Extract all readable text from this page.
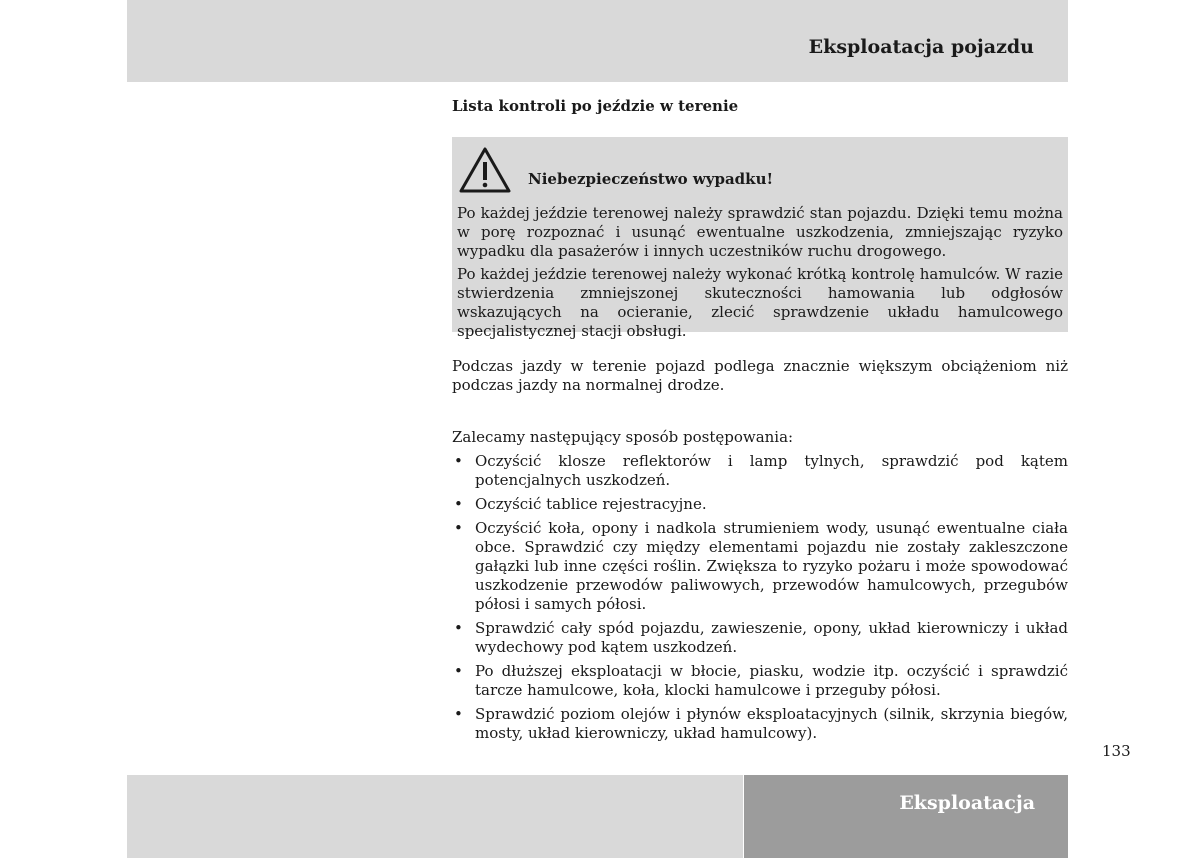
Eksploatacja pojazdu
Lista kontroli po jeździe w terenie
Niebezpieczeństwo wypadku!

Po każdej jeździe terenowej należy sprawdzić stan pojazdu. Dzięki temu można w porę rozpoznać i usunąć ewentualne uszkodzenia, zmniejszając ryzyko wypadku dla pasażerów i innych uczestników ruchu drogowego.

Po każdej jeździe terenowej należy wykonać krótką kontrolę hamulców. W razie stwierdzenia zmniejszonej skuteczności hamowania lub odgłosów wskazujących na ocieranie, zlecić sprawdzenie układu hamulcowego specjalistycznej stacji obsługi.

Podczas jazdy w terenie pojazd podlega znacznie większym obciążeniom niż podczas jazdy na normalnej drodze.

Zalecamy następujący sposób postępowania:

• Oczyścić klosze reflektorów i lamp tylnych, sprawdzić pod kątem potencjalnych uszkodzeń.
• Oczyścić tablice rejestracyjne.
• Oczyścić koła, opony i nadkola strumieniem wody, usunąć ewentualne ciała obce. Sprawdzić czy między elementami pojazdu nie zostały zakleszczone gałązki lub inne części roślin. Zwiększa to ryzyko pożaru i może spowodować uszkodzenie przewodów paliwowych, przewodów hamulcowych, przegubów półosi i samych półosi.
• Sprawdzić cały spód pojazdu, zawieszenie, opony, układ kierowniczy i układ wydechowy pod kątem uszkodzeń.
• Po dłuższej eksploatacji w błocie, piasku, wodzie itp. oczyścić i sprawdzić tarcze hamulcowe, koła, klocki hamulcowe i przeguby półosi.
• Sprawdzić poziom olejów i płynów eksploatacyjnych (silnik, skrzynia biegów, mosty, układ kierowniczy, układ hamulcowy).
133
Eksploatacja
